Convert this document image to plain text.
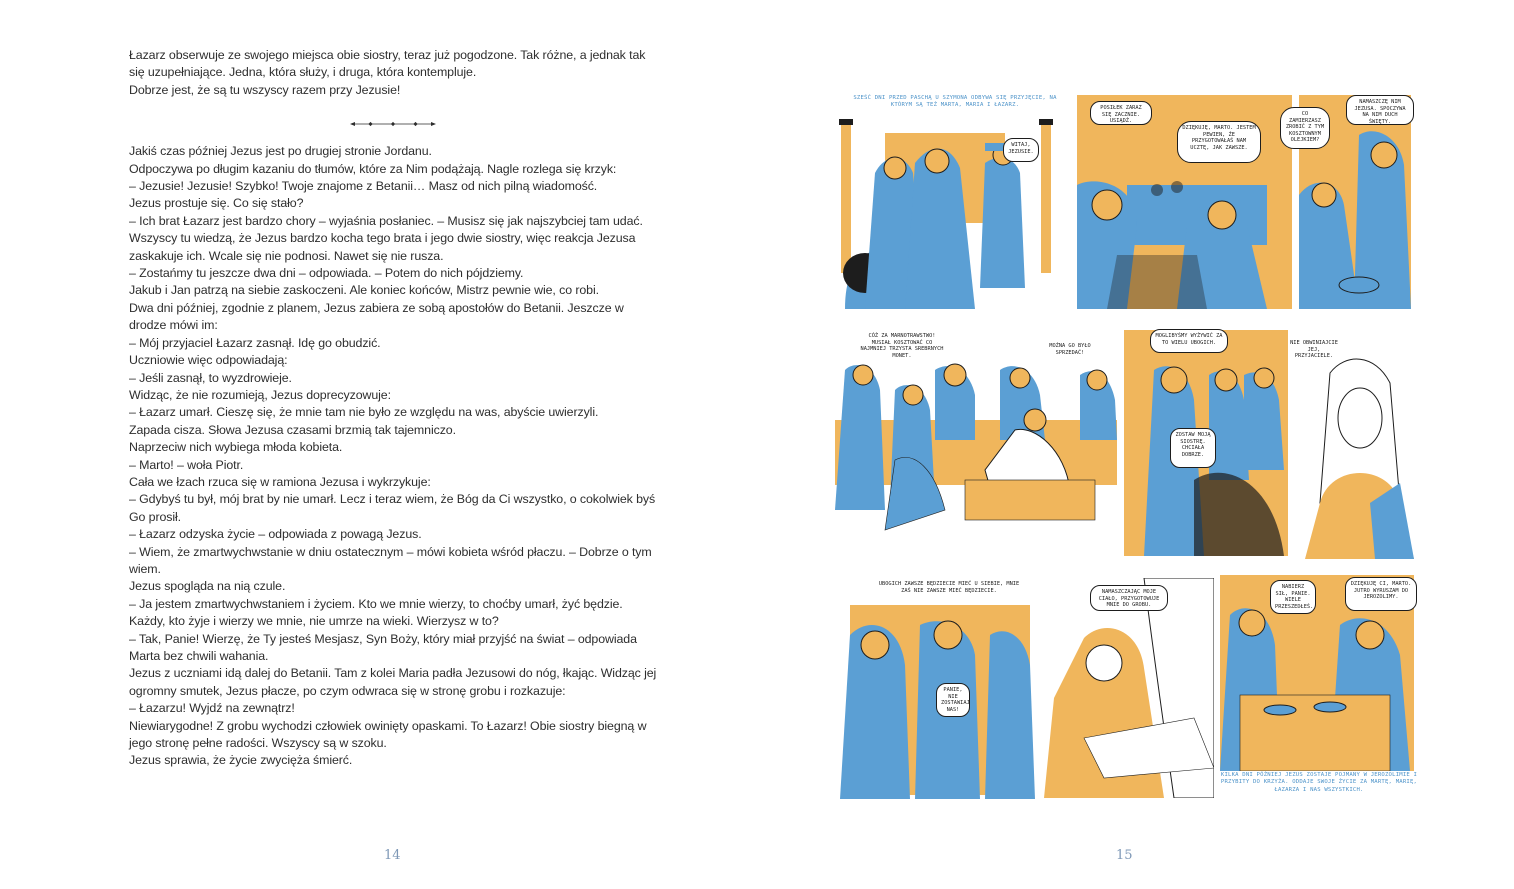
Łazarz obserwuje ze swojego miejsca obie siostry, teraz już pogodzone. Tak różne, a jednak tak się uzupełniające. Jedna, która służy, i druga, która kontempluje.

Dobrze jest, że są tu wszyscy razem przy Jezusie!

Jakiś czas później Jezus jest po drugiej stronie Jordanu.

Odpoczywa po długim kazaniu do tłumów, które za Nim podążają. Nagle rozlega się krzyk:

– Jezusie! Jezusie! Szybko! Twoje znajome z Betanii… Masz od nich pilną wiadomość.

Jezus prostuje się. Co się stało?

– Ich brat Łazarz jest bardzo chory – wyjaśnia posłaniec. – Musisz się jak najszybciej tam udać.

Wszyscy tu wiedzą, że Jezus bardzo kocha tego brata i jego dwie siostry, więc reakcja Jezusa zaskakuje ich. Wcale się nie podnosi. Nawet się nie rusza.

– Zostańmy tu jeszcze dwa dni – odpowiada. – Potem do nich pójdziemy.

Jakub i Jan patrzą na siebie zaskoczeni. Ale koniec końców, Mistrz pewnie wie, co robi.

Dwa dni później, zgodnie z planem, Jezus zabiera ze sobą apostołów do Betanii. Jeszcze w drodze mówi im:

– Mój przyjaciel Łazarz zasnął. Idę go obudzić.

Uczniowie więc odpowiadają:

– Jeśli zasnął, to wyzdrowieje.

Widząc, że nie rozumieją, Jezus doprecyzowuje:

– Łazarz umarł. Cieszę się, że mnie tam nie było ze względu na was, abyście uwierzyli.

Zapada cisza. Słowa Jezusa czasami brzmią tak tajemniczo.

Naprzeciw nich wybiega młoda kobieta.

– Marto! – woła Piotr.

Cała we łzach rzuca się w ramiona Jezusa i wykrzykuje:

– Gdybyś tu był, mój brat by nie umarł. Lecz i teraz wiem, że Bóg da Ci wszystko, o cokolwiek byś Go prosił.

– Łazarz odzyska życie – odpowiada z powagą Jezus.

– Wiem, że zmartwychwstanie w dniu ostatecznym – mówi kobieta wśród płaczu. – Dobrze o tym wiem.

Jezus spogląda na nią czule.

– Ja jestem zmartwychwstaniem i życiem. Kto we mnie wierzy, to choćby umarł, żyć będzie. Każdy, kto żyje i wierzy we mnie, nie umrze na wieki. Wierzysz w to?

– Tak, Panie! Wierzę, że Ty jesteś Mesjasz, Syn Boży, który miał przyjść na świat – odpowiada Marta bez chwili wahania.

Jezus z uczniami idą dalej do Betanii. Tam z kolei Maria padła Jezusowi do nóg, łkając. Widząc jej ogromny smutek, Jezus płacze, po czym odwraca się w stronę grobu i rozkazuje:

– Łazarzu! Wyjdź na zewnątrz!

Niewiarygodne! Z grobu wychodzi człowiek owinięty opaskami. To Łazarz! Obie siostry biegną w jego stronę pełne radości. Wszyscy są w szoku.

Jezus sprawia, że życie zwycięża śmierć.

14	15
SZEŚĆ DNI PRZED PASCHĄ U SZYMONA ODBYWA SIĘ PRZYJĘCIE, NA KTÓRYM SĄ TEŻ MARTA, MARIA I ŁAZARZ.
WITAJ, JEZUSIE.
POSIŁEK ZARAZ SIĘ ZACZNIE. USIĄDŹ.
DZIĘKUJĘ, MARTO. JESTEM PEWIEN, ŻE PRZYGOTOWAŁAŚ NAM UCZTĘ, JAK ZAWSZE.
CO ZAMIERZASZ ZROBIĆ Z TYM KOSZTOWNYM OLEJKIEM?
NAMASZCZĘ NIM JEZUSA. SPOCZYWA NA NIM DUCH ŚWIĘTY.
CÓŻ ZA MARNOTRAWSTWO! MUSIAŁ KOSZTOWAĆ CO NAJMNIEJ TRZYSTA SREBRNYCH MONET.
MOŻNA GO BYŁO SPRZEDAĆ!
MOGLIBYŚMY WYŻYWIĆ ZA TO WIELU UBOGICH.
ZOSTAW MOJĄ SIOSTRĘ. CHCIAŁA DOBRZE.
NIE OBWINIAJCIE JEJ, PRZYJACIELE.
UBOGICH ZAWSZE BĘDZIECIE MIEĆ U SIEBIE, MNIE ZAŚ NIE ZAWSZE MIEĆ BĘDZIECIE.
PANIE, NIE ZOSTAWIAJ NAS!
NAMASZCZAJĄC MOJE CIAŁO, PRZYGOTOWUJE MNIE DO GROBU.
NABIERZ SIŁ, PANIE. WIELE PRZESZEDŁEŚ.
DZIĘKUJĘ CI, MARTO. JUTRO WYRUSZAM DO JEROZOLIMY.
KILKA DNI PÓŹNIEJ JEZUS ZOSTAJE POJMANY W JEROZOLIMIE I PRZYBITY DO KRZYŻA. ODDAJE SWOJE ŻYCIE ZA MARTĘ, MARIĘ, ŁAZARZA I NAS WSZYSTKICH.
